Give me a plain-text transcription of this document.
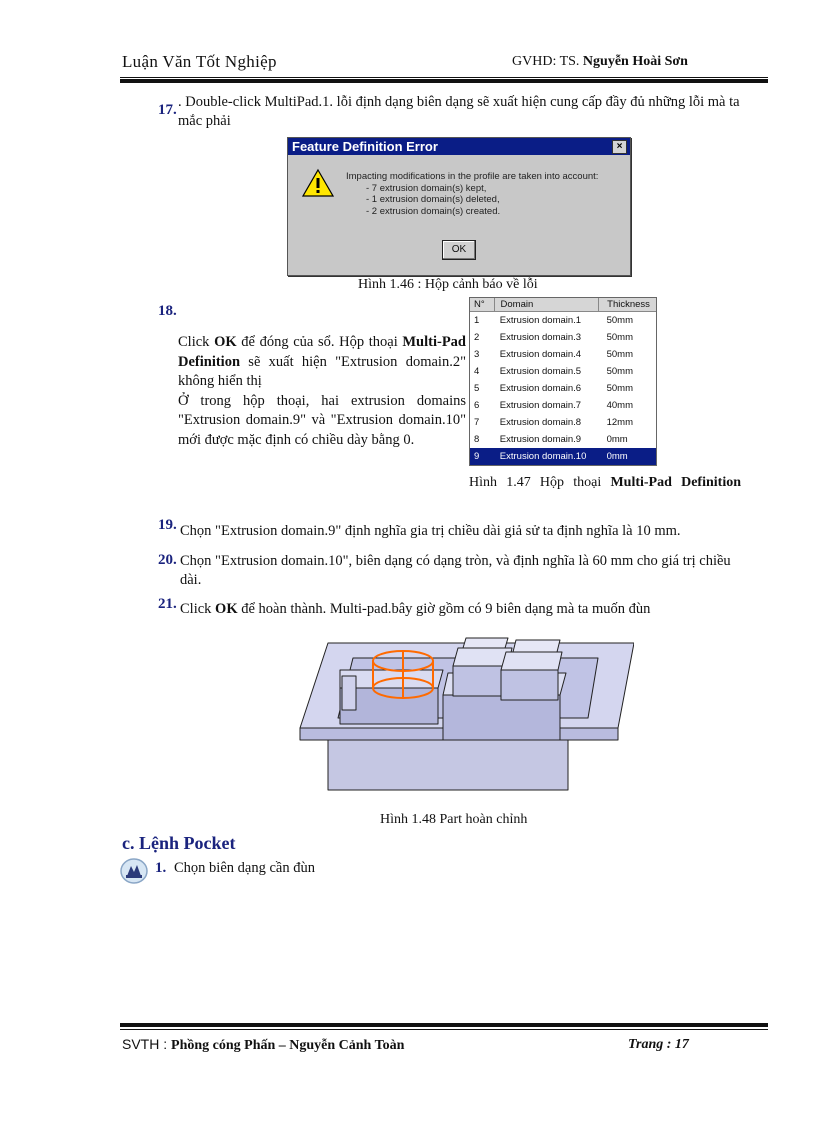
Luận Văn Tốt Nghiệp	GVHD: TS. Nguyễn Hoài Sơn
17. . Double-click MultiPad.1. lỗi định dạng biên dạng sẽ xuất hiện cung cấp đầy đủ những lỗi mà ta mắc phải
Feature Definition Error	×
Impacting modifications in the profile are taken into account:
- 7 extrusion domain(s) kept,
- 1 extrusion domain(s) deleted,
- 2 extrusion domain(s) created.
OK
Hình 1.46 : Hộp cảnh báo về lỗi
18.
Click OK để đóng của sổ. Hộp thoại Multi-Pad Definition sẽ xuất hiện "Extrusion domain.2" không hiển thị
Ở trong hộp thoại, hai extrusion domains "Extrusion domain.9" và "Extrusion domain.10" mới được mặc định có chiều dày bằng 0.
N°	Domain	Thickness
1	Extrusion domain.1	50mm
2	Extrusion domain.3	50mm
3	Extrusion domain.4	50mm
4	Extrusion domain.5	50mm
5	Extrusion domain.6	50mm
6	Extrusion domain.7	40mm
7	Extrusion domain.8	12mm
8	Extrusion domain.9	0mm
9	Extrusion domain.10	0mm
Hình 1.47 Hộp thoại Multi-Pad Definition
19. Chọn "Extrusion domain.9" định nghĩa gia trị chiều dài giả sử ta định nghĩa là 10 mm.
20. Chọn "Extrusion domain.10", biên dạng có dạng tròn, và định nghĩa là 60 mm cho giá trị chiều dài.
21. Click OK để hoàn thành. Multi-pad.bây giờ gồm có 9 biên dạng mà ta muốn đùn
Hình 1.48 Part hoàn chỉnh
c. Lệnh Pocket
1. Chọn biên dạng cần đùn
SVTH : Phồng cóng Phấn – Nguyễn Cảnh Toàn	Trang : 17
